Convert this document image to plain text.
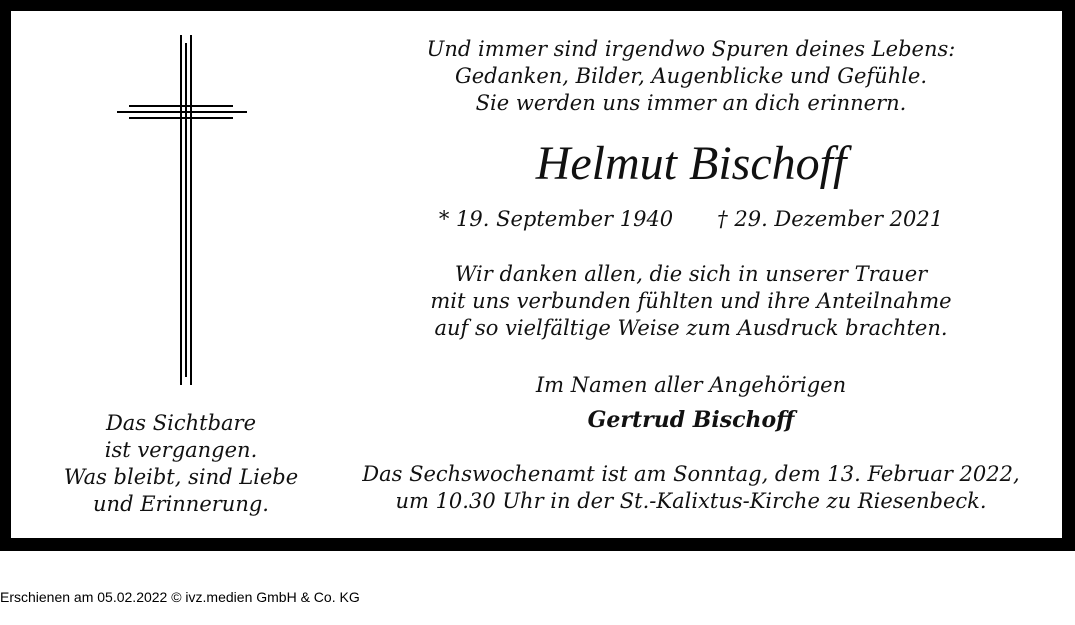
Das Sichtbare
ist vergangen.
Was bleibt, sind Liebe
und Erinnerung.
Und immer sind irgendwo Spuren deines Lebens:
Gedanken, Bilder, Augenblicke und Gefühle.
Sie werden uns immer an dich erinnern.
Helmut Bischoff
* 19. September 1940 † 29. Dezember 2021
Wir danken allen, die sich in unserer Trauer
mit uns verbunden fühlten und ihre Anteilnahme
auf so vielfältige Weise zum Ausdruck brachten.
Im Namen aller Angehörigen
Gertrud Bischoff
Das Sechswochenamt ist am Sonntag, dem 13. Februar 2022,
um 10.30 Uhr in der St.-Kalixtus-Kirche zu Riesenbeck.
Erschienen am 05.02.2022 © ivz.medien GmbH & Co. KG
